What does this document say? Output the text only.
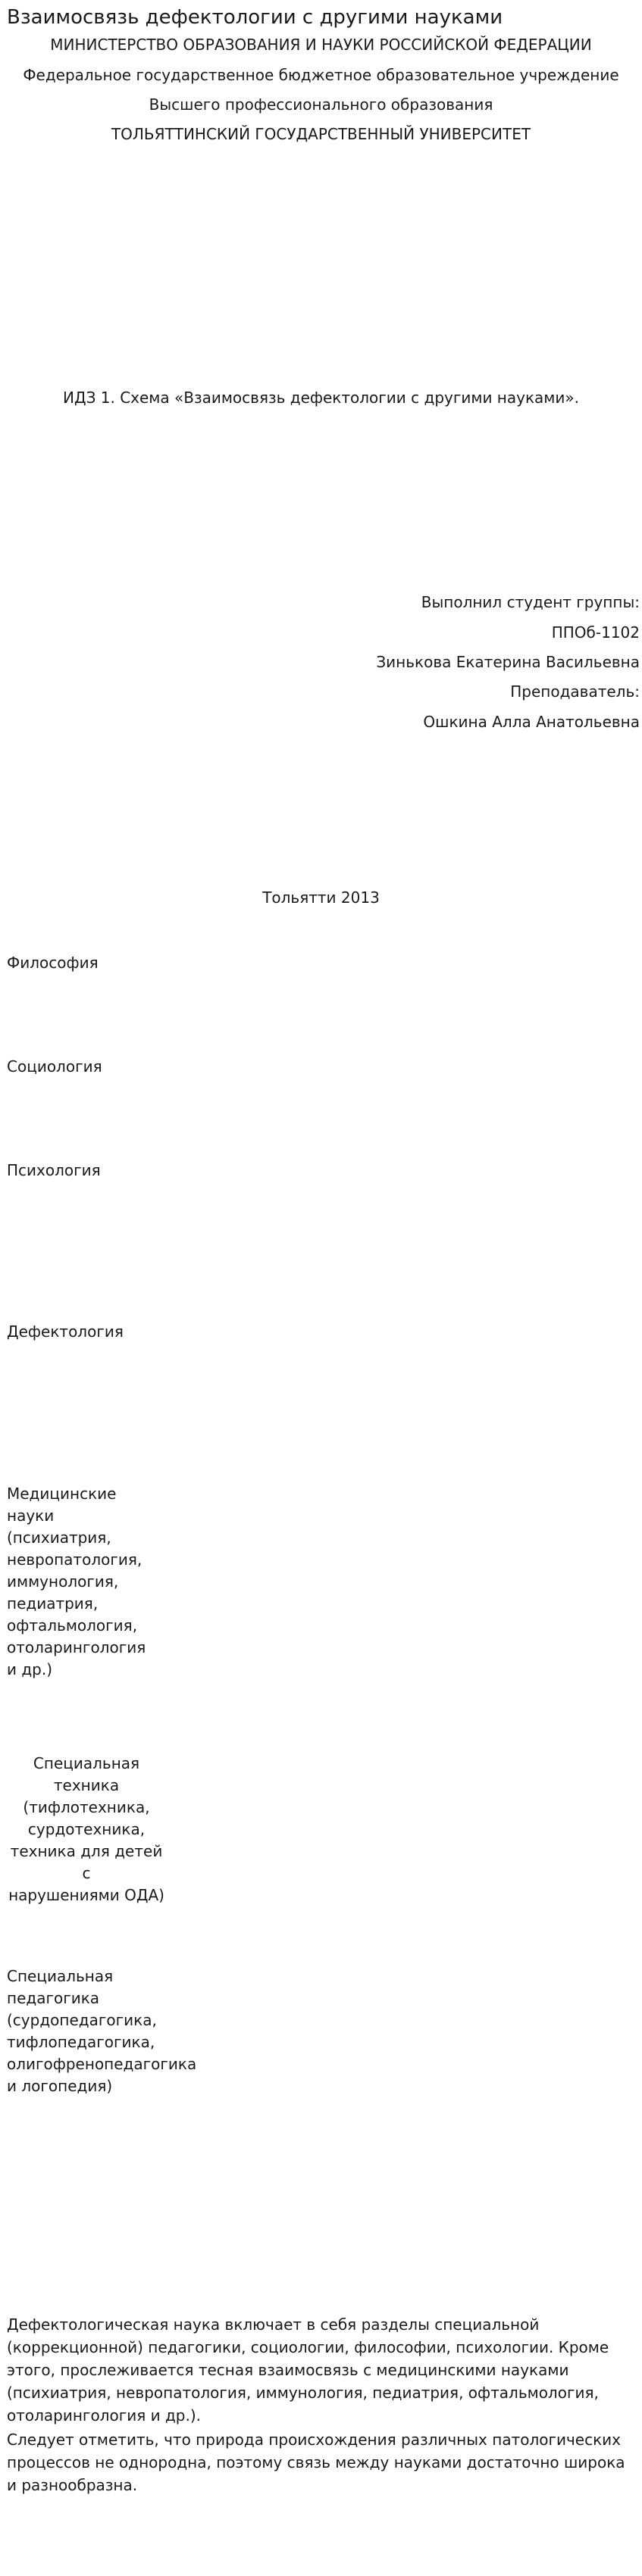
Взаимосвязь дефектологии с другими науками
МИНИСТЕРСТВО ОБРАЗОВАНИЯ И НАУКИ РОССИЙСКОЙ ФЕДЕРАЦИИ
Федеральное государственное бюджетное образовательное учреждение
Высшего профессионального образования
ТОЛЬЯТТИНСКИЙ ГОСУДАРСТВЕННЫЙ УНИВЕРСИТЕТ
ИДЗ 1. Схема «Взаимосвязь дефектологии с другими науками».
Выполнил студент группы:
ППОб-1102
Зинькова Екатерина Васильевна
Преподаватель:
Ошкина Алла Анатольевна
Тольятти 2013
Философия
Социология
Психология
Дефектология
Медицинские
науки
(психиатрия,
невропатология,
иммунология,
педиатрия,
офтальмология,
отоларингология
и др.)
Специальная
техника
(тифлотехника,
сурдотехника,
техника для детей с
нарушениями ОДА)
Специальная
педагогика
(сурдопедагогика,
тифлопедагогика,
олигофренопедагогика
и логопедия)

Дефектологическая наука включает в себя разделы специальной (коррекционной) педагогики, социологии, философии, психологии. Кроме этого, прослеживается тесная взаимосвязь с медицинскими науками (психиатрия, невропатология, иммунология, педиатрия, офтальмология, отоларингология и др.).

Следует отметить, что природа происхождения различных патологических процессов не однородна, поэтому связь между науками достаточно широка и разнообразна.
